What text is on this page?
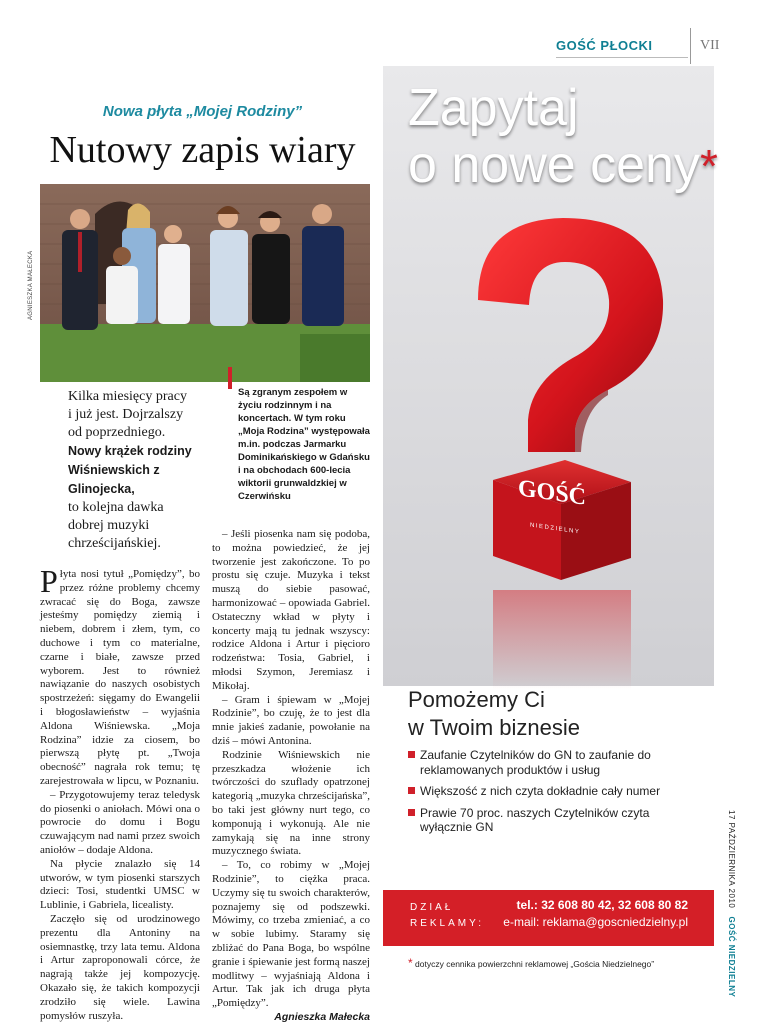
GOŚĆ PŁOCKI	VII
Nowa płyta „Mojej Rodziny”
Nutowy zapis wiary
AGNIESZKA MAŁECKA
Kilka miesięcy pracy i już jest. Dojrzalszy od poprzedniego.
Nowy krążek rodziny Wiśniewskich z Glinojecka,
to kolejna dawka dobrej muzyki chrześcijańskiej.
Są zgranym zespołem w życiu rodzinnym i na koncertach. W tym roku „Moja Rodzina” występowała m.in. podczas Jarmarku Dominikańskiego w Gdańsku i na obchodach 600-lecia wiktorii grunwaldzkiej w Czerwińsku

Płyta nosi tytuł „Pomiędzy”, bo przez różne problemy chcemy zwracać się do Boga, zawsze jesteśmy pomiędzy ziemią i niebem, dobrem i złem, tym, co duchowe i tym co materialne, czarne i białe, zawsze przed wyborem. Jest to również nawiązanie do naszych osobistych spostrzeżeń: sięgamy do Ewangelii i błogosławieństw – wyjaśnia Aldona Wiśniewska. „Moja Rodzina” idzie za ciosem, bo pierwszą płytę pt. „Twoja obecność” nagrała rok temu; tę zarejestrowała w lipcu, w Poznaniu.

– Przygotowujemy teraz teledysk do piosenki o aniołach. Mówi ona o powrocie do domu i Bogu czuwającym nad nami przez swoich aniołów – dodaje Aldona.

Na płycie znalazło się 14 utworów, w tym piosenki starszych dzieci: Tosi, studentki UMSC w Lublinie, i Gabriela, licealisty.

Zaczęło się od urodzinowego prezentu dla Antoniny na osiemnastkę, trzy lata temu. Aldona i Artur zaproponowali córce, że nagrają także jej kompozycję. Okazało się, że takich kompozycji zrodziło się wiele. Lawina pomysłów ruszyła.

– Jeśli piosenka nam się podoba, to można powiedzieć, że jej tworzenie jest zakończone. To po prostu się czuje. Muzyka i tekst muszą do siebie pasować, harmonizować – opowiada Gabriel. Ostateczny wkład w płyty i koncerty mają tu jednak wszyscy: rodzice Aldona i Artur i pięcioro rodzeństwa: Tosia, Gabriel, i młodsi Szymon, Jeremiasz i Mikołaj.

– Gram i śpiewam w „Mojej Rodzinie”, bo czuję, że to jest dla mnie jakieś zadanie, powołanie na dziś – mówi Antonina.

Rodzinie Wiśniewskich nie przeszkadza włożenie ich twórczości do szuflady opatrzonej kategorią „muzyka chrześcijańska”, bo taki jest główny nurt tego, co komponują i wykonują. Ale nie zamykają się na inne strony muzycznego świata.

– To, co robimy w „Mojej Rodzinie”, to ciężka praca. Uczymy się tu swoich charakterów, poznajemy się od podszewki. Mówimy, co trzeba zmieniać, a co w sobie lubimy. Staramy się zbliżać do Pana Boga, bo wspólne granie i śpiewanie jest formą naszej modlitwy – wyjaśniają Aldona i Artur. Tak jak ich druga płyta „Pomiędzy”.

Agnieszka Małecka
Zapytaj
o nowe ceny*
GOŚĆ
NIEDZIELNY
Pomożemy Ci
w Twoim biznesie
Zaufanie Czytelników do GN to zaufanie do reklamowanych produktów i usług
Większość z nich czyta dokładnie cały numer
Prawie 70 proc. naszych Czytelników czyta wyłącznie GN
DZIAŁ
REKLAMY:
tel.: 32 608 80 42, 32 608 80 82
e-mail: reklama@goscniedzielny.pl
* dotyczy cennika powierzchni reklamowej „Gościa Niedzielnego”
17 PAŹDZIERNIKA 2010   GOŚĆ NIEDZIELNY
